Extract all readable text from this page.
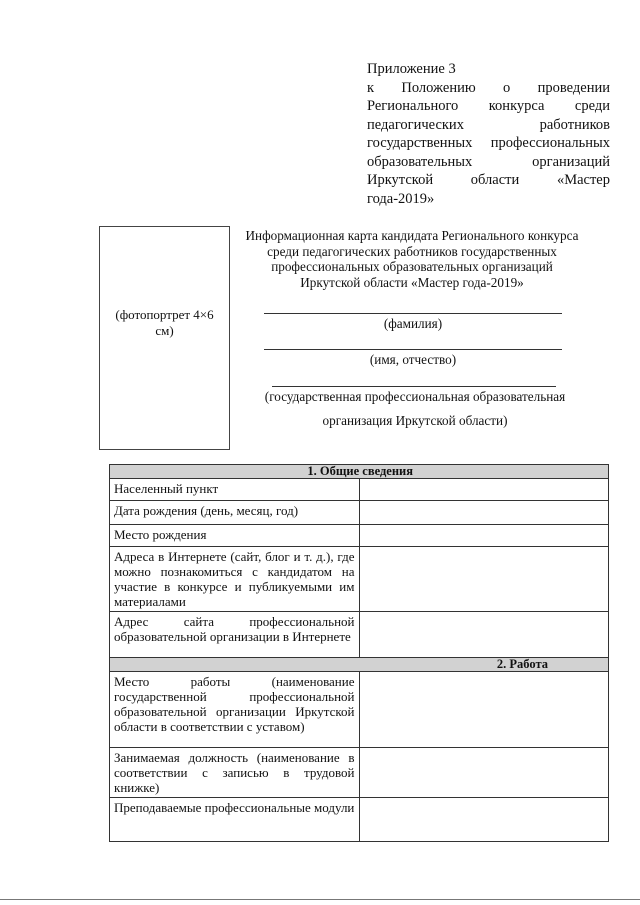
Приложение 3
к Положению о проведении
Регионального конкурса среди
педагогических работников
государственных профессиональных
образовательных организаций
Иркутской области «Мастер
года-2019»
(фотопортрет 4×6 см)
Информационная карта кандидата Регионального конкурса среди педагогических работников государственных профессиональных образовательных организаций Иркутской области «Мастер года-2019»
(фамилия)
(имя, отчество)
(государственная профессиональная образовательная
организация Иркутской области)
1. Общие сведения	
Населенный пункт	
Дата рождения (день, месяц, год)	
Место рождения	
Адреса в Интернете (сайт, блог и т. д.), где можно познакомиться с кандидатом на участие в конкурсе и публикуемыми им материалами	
Адрес сайта профессиональной образовательной организации в Интернете	
2. Работа	
Место работы (наименование государственной профессиональной образовательной организации Иркутской области в соответствии с уставом)	
Занимаемая должность (наименование в соответствии с записью в трудовой книжке)	
Преподаваемые профессиональные модули	
